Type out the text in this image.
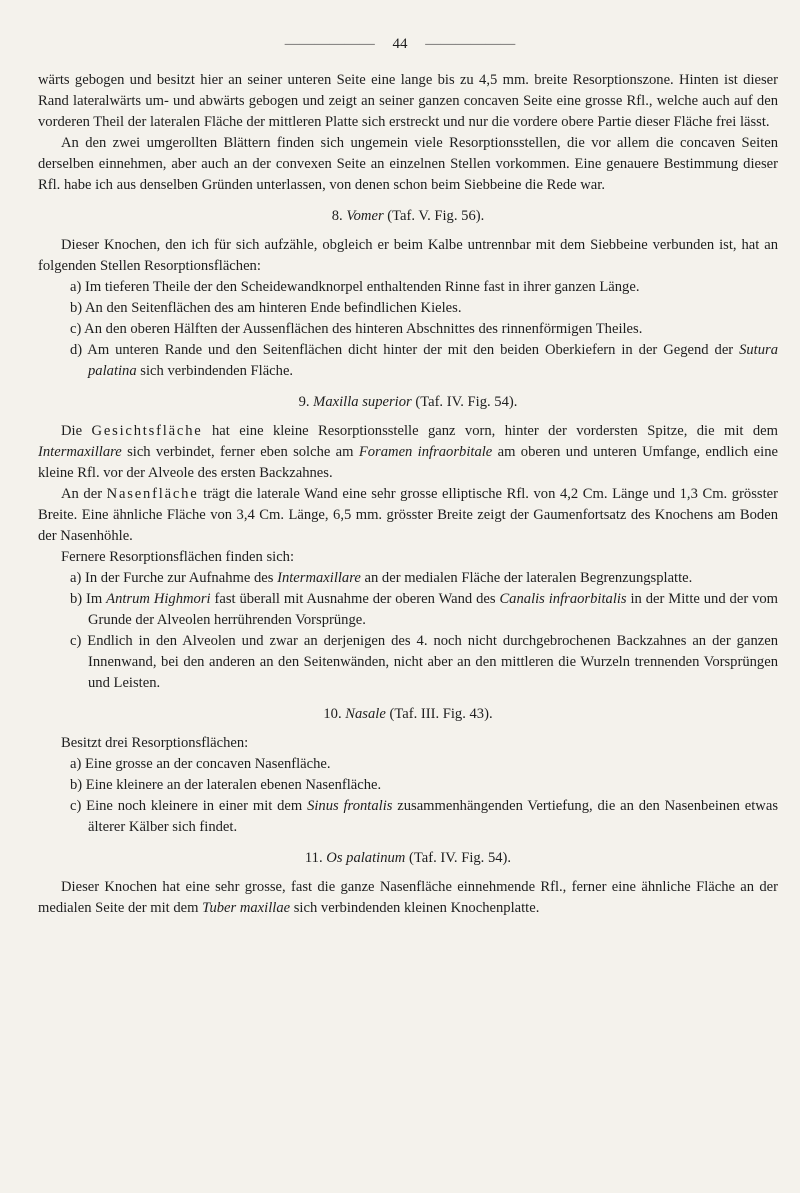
—————— 44 ——————

wärts gebogen und besitzt hier an seiner unteren Seite eine lange bis zu 4,5 mm. breite Resorptionszone. Hinten ist dieser Rand lateralwärts um- und abwärts gebogen und zeigt an seiner ganzen concaven Seite eine grosse Rfl., welche auch auf den vorderen Theil der lateralen Fläche der mittleren Platte sich erstreckt und nur die vordere obere Partie dieser Fläche frei lässt.

An den zwei umgerollten Blättern finden sich ungemein viele Resorptionsstellen, die vor allem die concaven Seiten derselben einnehmen, aber auch an der convexen Seite an einzelnen Stellen vorkommen. Eine genauere Bestimmung dieser Rfl. habe ich aus denselben Gründen unterlassen, von denen schon beim Siebbeine die Rede war.

8. Vomer (Taf. V. Fig. 56).

Dieser Knochen, den ich für sich aufzähle, obgleich er beim Kalbe untrennbar mit dem Siebbeine verbunden ist, hat an folgenden Stellen Resorptionsflächen:

a) Im tieferen Theile der den Scheidewandknorpel enthaltenden Rinne fast in ihrer ganzen Länge.

b) An den Seitenflächen des am hinteren Ende befindlichen Kieles.

c) An den oberen Hälften der Aussenflächen des hinteren Abschnittes des rinnenförmigen Theiles.

d) Am unteren Rande und den Seitenflächen dicht hinter der mit den beiden Oberkiefern in der Gegend der Sutura palatina sich verbindenden Fläche.

9. Maxilla superior (Taf. IV. Fig. 54).

Die Gesichtsfläche hat eine kleine Resorptionsstelle ganz vorn, hinter der vordersten Spitze, die mit dem Intermaxillare sich verbindet, ferner eben solche am Foramen infraorbitale am oberen und unteren Umfange, endlich eine kleine Rfl. vor der Alveole des ersten Backzahnes.

An der Nasenfläche trägt die laterale Wand eine sehr grosse elliptische Rfl. von 4,2 Cm. Länge und 1,3 Cm. grösster Breite. Eine ähnliche Fläche von 3,4 Cm. Länge, 6,5 mm. grösster Breite zeigt der Gaumenfortsatz des Knochens am Boden der Nasenhöhle.

Fernere Resorptionsflächen finden sich:

a) In der Furche zur Aufnahme des Intermaxillare an der medialen Fläche der lateralen Begrenzungsplatte.

b) Im Antrum Highmori fast überall mit Ausnahme der oberen Wand des Canalis infraorbitalis in der Mitte und der vom Grunde der Alveolen herrührenden Vorsprünge.

c) Endlich in den Alveolen und zwar an derjenigen des 4. noch nicht durchgebrochenen Backzahnes an der ganzen Innenwand, bei den anderen an den Seitenwänden, nicht aber an den mittleren die Wurzeln trennenden Vorsprüngen und Leisten.

10. Nasale (Taf. III. Fig. 43).

Besitzt drei Resorptionsflächen:

a) Eine grosse an der concaven Nasenfläche.

b) Eine kleinere an der lateralen ebenen Nasenfläche.

c) Eine noch kleinere in einer mit dem Sinus frontalis zusammenhängenden Vertiefung, die an den Nasenbeinen etwas älterer Kälber sich findet.

11. Os palatinum (Taf. IV. Fig. 54).

Dieser Knochen hat eine sehr grosse, fast die ganze Nasenfläche einnehmende Rfl., ferner eine ähnliche Fläche an der medialen Seite der mit dem Tuber maxillae sich verbindenden kleinen Knochenplatte.
